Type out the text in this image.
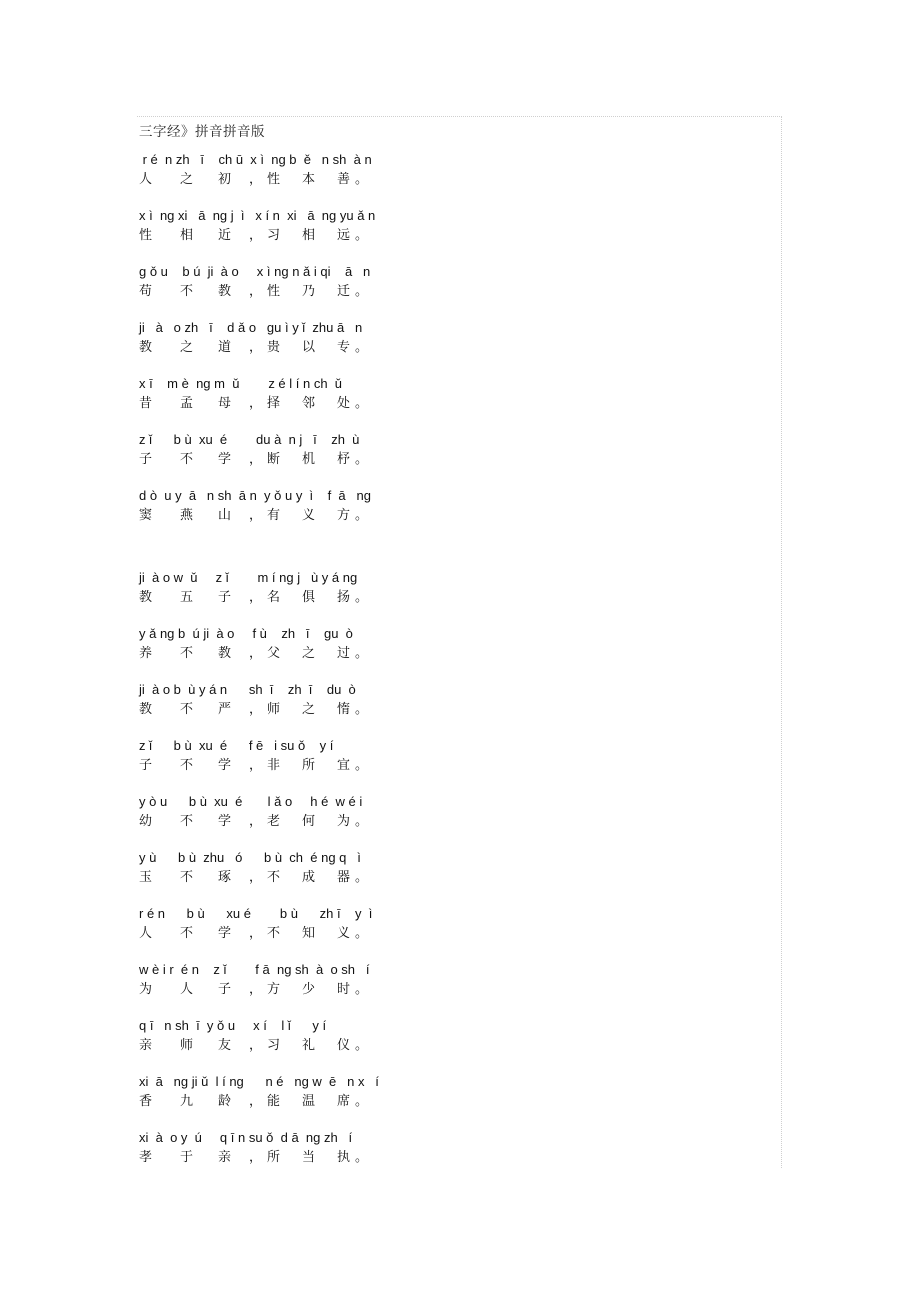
三字经》拼音拼音版
r é  n zh   ī    ch ū  x ì  ng b  ě   n sh  à n
人 之 初 ， 性 本 善 。
x ì  ng xi   ā  ng j  ì   x í n  xi   ā  ng yu ǎ n
性 相 近 ， 习 相 远 。
g ǒ u    b ú  ji  à o     x ì ng n ǎ i qi    ā   n
苟 不 教 ， 性 乃 迁 。
ji   à   o zh   ī    d ǎ o   gu ì y ǐ  zhu ā   n
教 之 道 ， 贵 以 专 。
x ī    m è  ng m  ǔ        z é l í n ch  ǔ
昔 孟 母 ， 择 邻 处 。
z ǐ      b ù  xu  é        du à  n j   ī    zh  ù
子 不 学 ， 断 机 杼 。
d ò  u y  ā   n sh  ā n  y ǒ u y  ì    f  ā   ng
窦 燕 山 ， 有 义 方 。
ji  à o w  ǔ     z ǐ        m í ng j   ù y á ng
教 五 子 ， 名 俱 扬 。
y ǎ ng b  ú ji  à o     f ù    zh   ī    gu  ò
养 不 教 ， 父 之 过 。
ji  à o b  ù y á n      sh  ī    zh  ī    du  ò
教 不 严 ， 师 之 惰 。
z ǐ      b ù  xu  é      f ē   i su ǒ    y í
子 不 学 ， 非 所 宜 。
y ò u      b ù  xu  é       l ǎ o     h é  w é i
幼 不 学 ， 老 何 为 。
y ù      b ù  zhu   ó      b ù  ch  é ng q   ì
玉 不 琢 ， 不 成 器 。
r é n      b ù      xu é        b ù      zh ī    y  ì
人 不 学 ， 不 知 义 。
w è i r  é n    z ǐ        f ā  ng sh  à  o sh   í
为 人 子 ， 方 少 时 。
q ī   n sh  ī  y ǒ u     x í    l ǐ      y í
亲 师 友 ， 习 礼 仪 。
xi  ā   ng ji ǔ  l í ng      n é   ng w  ē   n x   í
香 九 龄 ， 能 温 席 。
xi  à  o y  ú     q ī n su ǒ  d ā  ng zh   í
孝 于 亲 ， 所 当 执 。
